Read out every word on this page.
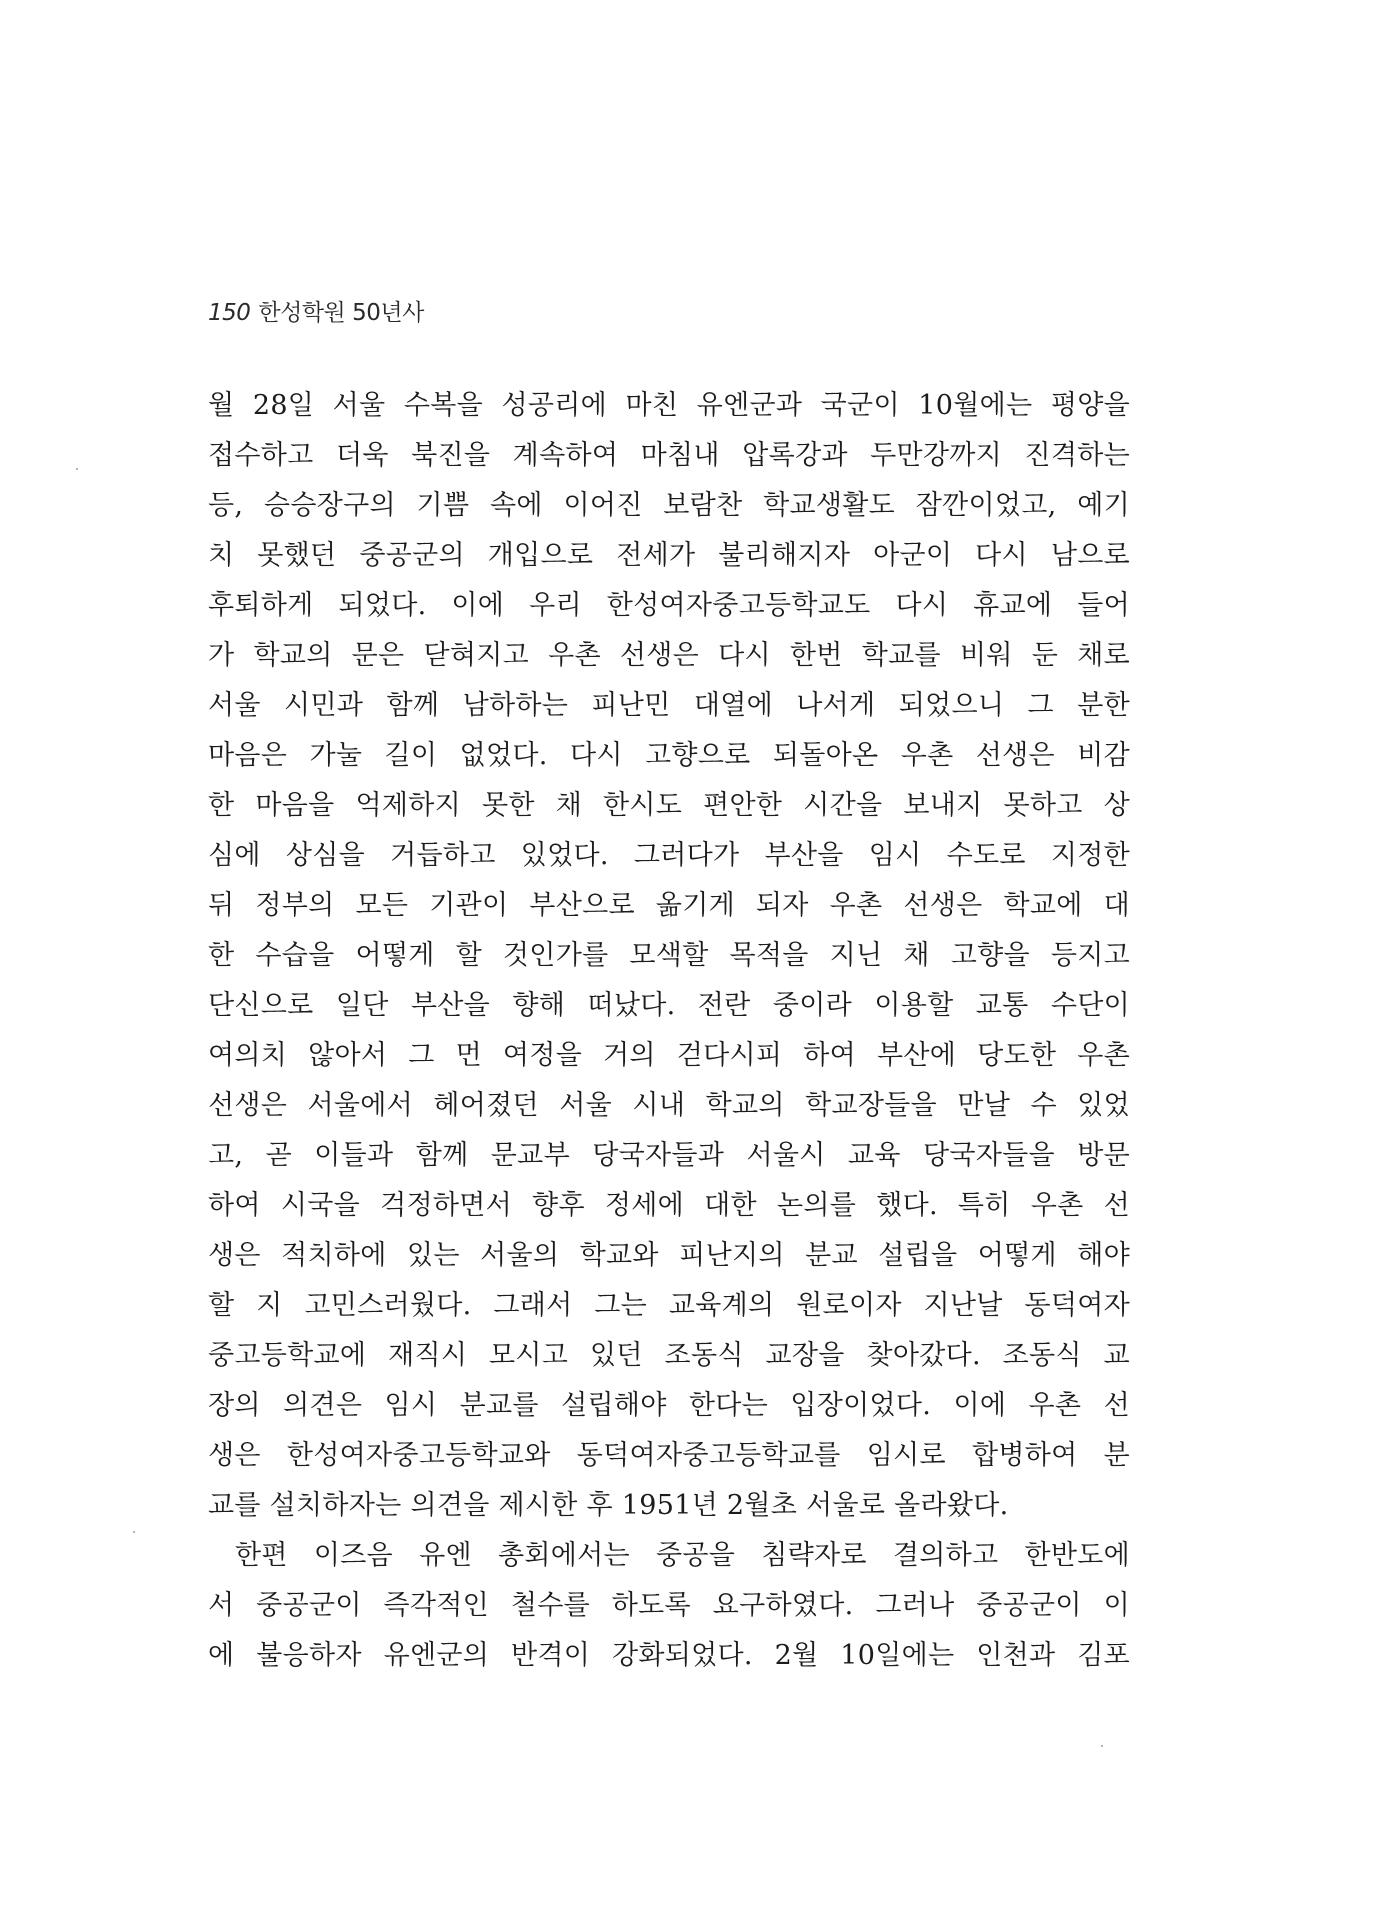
150 한성학원 50년사
월 28일 서울 수복을 성공리에 마친 유엔군과 국군이 10월에는 평양을
접수하고 더욱 북진을 계속하여 마침내 압록강과 두만강까지 진격하는
등, 승승장구의 기쁨 속에 이어진 보람찬 학교생활도 잠깐이었고, 예기
치 못했던 중공군의 개입으로 전세가 불리해지자 아군이 다시 남으로
후퇴하게 되었다. 이에 우리 한성여자중고등학교도 다시 휴교에 들어
가 학교의 문은 닫혀지고 우촌 선생은 다시 한번 학교를 비워 둔 채로
서울 시민과 함께 남하하는 피난민 대열에 나서게 되었으니 그 분한
마음은 가눌 길이 없었다. 다시 고향으로 되돌아온 우촌 선생은 비감
한 마음을 억제하지 못한 채 한시도 편안한 시간을 보내지 못하고 상
심에 상심을 거듭하고 있었다. 그러다가 부산을 임시 수도로 지정한
뒤 정부의 모든 기관이 부산으로 옮기게 되자 우촌 선생은 학교에 대
한 수습을 어떻게 할 것인가를 모색할 목적을 지닌 채 고향을 등지고
단신으로 일단 부산을 향해 떠났다. 전란 중이라 이용할 교통 수단이
여의치 않아서 그 먼 여정을 거의 걷다시피 하여 부산에 당도한 우촌
선생은 서울에서 헤어졌던 서울 시내 학교의 학교장들을 만날 수 있었
고, 곧 이들과 함께 문교부 당국자들과 서울시 교육 당국자들을 방문
하여 시국을 걱정하면서 향후 정세에 대한 논의를 했다. 특히 우촌 선
생은 적치하에 있는 서울의 학교와 피난지의 분교 설립을 어떻게 해야
할 지 고민스러웠다. 그래서 그는 교육계의 원로이자 지난날 동덕여자
중고등학교에 재직시 모시고 있던 조동식 교장을 찾아갔다. 조동식 교
장의 의견은 임시 분교를 설립해야 한다는 입장이었다. 이에 우촌 선
생은 한성여자중고등학교와 동덕여자중고등학교를 임시로 합병하여 분
교를 설치하자는 의견을 제시한 후 1951년 2월초 서울로 올라왔다.
한편 이즈음 유엔 총회에서는 중공을 침략자로 결의하고 한반도에
서 중공군이 즉각적인 철수를 하도록 요구하였다. 그러나 중공군이 이
에 불응하자 유엔군의 반격이 강화되었다. 2월 10일에는 인천과 김포
